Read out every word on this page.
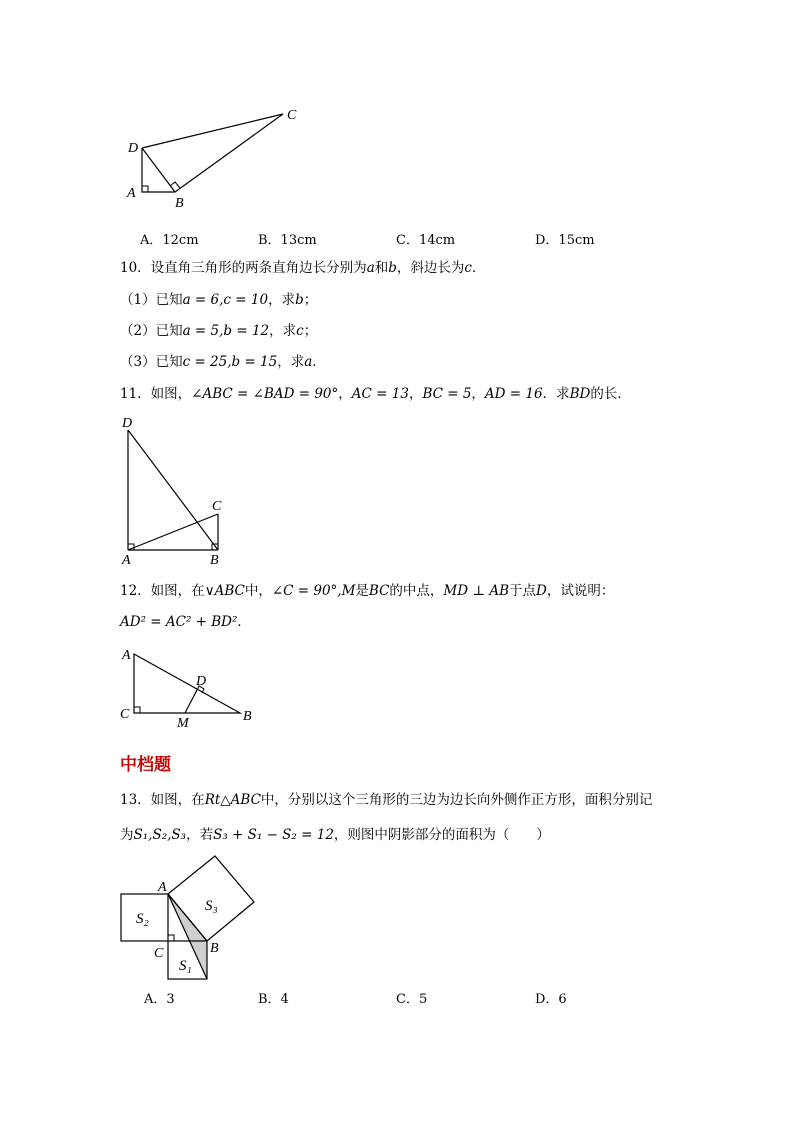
C
D
A
B
A．12cm	B．13cm	C．14cm	D．15cm
10．设直角三角形的两条直角边长分别为a和b，斜边长为c．
（1）已知a = 6,c = 10，求b；
（2）已知a = 5,b = 12，求c；
（3）已知c = 25,b = 15，求a．
11．如图，∠ABC = ∠BAD = 90°，AC = 13，BC = 5，AD = 16．求BD的长．
D
C
A	B
12．如图，在∨ABC中，∠C = 90°,M是BC的中点，MD ⊥ AB于点D，试说明：
AD² = AC² + BD²．
A
D
C
M	B
中档题
13．如图，在Rt△ABC中，分别以这个三角形的三边为边长向外侧作正方形，面积分别记
为S₁,S₂,S₃，若S₃ + S₁ − S₂ = 12，则图中阴影部分的面积为（　　）
A
B
C
S₁
S₂
S₃
A．3	B．4	C．5	D．6
